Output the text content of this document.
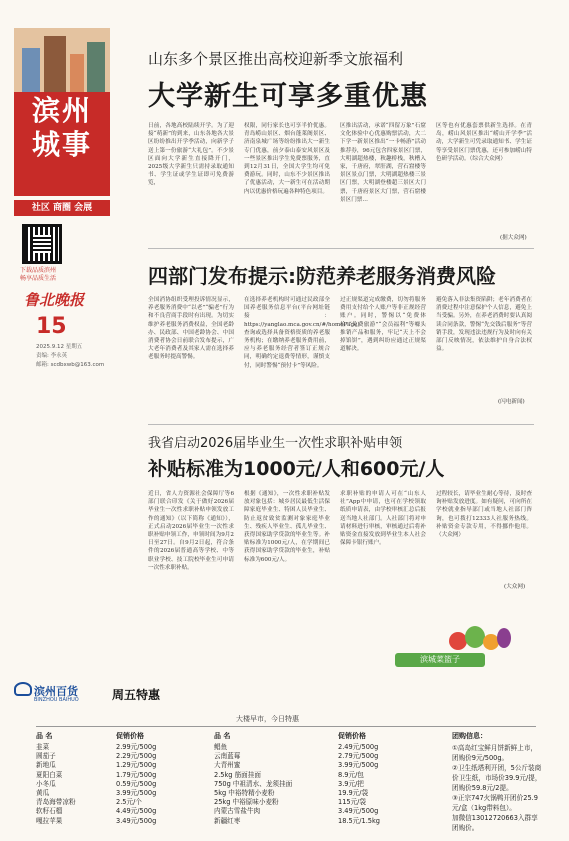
滨州
城事
社区 商圈 会展
下载品质滨州
畅享品质生活
鲁北晚报
15
2025.9.12 星期五
责编: 李永英
邮箱: scdbxwb@163.com
山东多个景区推出高校迎新季文旅福利
大学新生可享多重优惠
日前，各地高校陆续开学。为了迎接“萌新”的到来，山东各地各大景区纷纷推出开学季活动，向新学子送上第一份旅游“大礼包”。不少景区面向大学新生直接降开门，2025级大学新生只需持录取通知书、学生证或学生证即可免费游览，
权限，同行家长也可享半价优惠。青岛崂山景区、烟台蓬莱阁景区、济南泉城广场等纷纷推出大一新生专门优惠，前夕泰山泰安风景区及一些景区推出学生免费票服务，直到12月31日，全国大学生均可免费游玩。同时，山东不少景区推出了优惠活动，大一新生可在活动期内以优惠价格玩遍各种特色项目。
区推出活动，承诺“四留万象”石窟文化体验中心优惠购票活动，大二下学一新景区推出“一卡畅游”活动推荐券，96元包含四家景区门票，大明湖超热楼，秋趣桥栈，秋槽入家，千唐府，翠肝湖，营石窟楼等景区景点门票，大明湖超热楼三景区门票，大明湖登楼超三景区大门票，千唐府景区大门票，营石窟楼景区门票…
区等也有优惠套票供新生选择。在青岛，崂山风景区推出“崂山开学季”活动，大学新生可凭录取通知书、学生证等享受景区门票优惠，还可参加崂山特色研学活动。（综合大众网）
(据大众网)
四部门发布提示:防范养老服务消费风险
全国消协组织受理投诉情况显示，养老服务消费中“以老”“骗老”行为和不良营商手段时有出现。为切实维护养老服务消费权益，全国老龄办、民政部、中国老龄协会、中国消费者协会日前联合发布提示，广大老年消费者及其家人需在选择养老服务时提高警惕。
在选择养老机构时可通过民政部全国养老服务信息平台(平台网址链接：https://yanglao.mca.gov.cn/#/homePage)查询或选择具备资格资质的养老服务机构；在缴纳养老服务费用前，应与养老服务经营者签订正规合同，明确约定退费等情形，谨慎支付，同时警惕“预付卡”等风险。
过正规渠道完成缴费，切勿将服务费用支付给个人账户等非正规经营账户。同时，警惕以“免费体检”“免费旅游”“会员福利”等噱头推销产品和服务，牢记“天上不会掉馅饼”，遇到纠纷应通过正规渠道解决。
避免落入非法集资陷阱；老年消费者在消费过程中注意保护个人信息，避免上当受骗。另外，在养老消费时要认真阅读合同条款，警惕“先交钱后服务”等营销手段，发现违法违规行为及时向有关部门反映情况，依法维护自身合法权益。
(闪电新闻)
我省启动2026届毕业生一次性求职补贴申领
补贴标准为1000元/人和600元/人
近日，省人力资源社会保障厅等6部门联合印发《关于做好2026届毕业生一次性求职补贴申领发放工作的通知》（以下简称《通知》），正式启动2026届毕业生一次性求职补贴申领工作，申领时间为9月2日至27日。自9月2日起，符合条件的2026届普通高等学校、中等职业学校、技工院校毕业生可申请一次性求职补贴。
根据《通知》，一次性求职补贴发放对象包括：城乡居民最低生活保障家庭毕业生、特困人员毕业生、防止返贫致贫监测对象家庭毕业生、残疾人毕业生、孤儿毕业生、获得国家助学贷款的毕业生等。补贴标准为1000元/人，在学期间已获得国家助学贷款的毕业生，补贴标准为600元/人。
求职补贴的申请人可在“山东人社”App中申请，也可在学校领取纸质申请表，由学校审核汇总后报送当地人社部门。人社部门将对申请材料进行审核，审核通过后将补贴资金直接发放到毕业生本人社会保障卡银行账户。
过程较长，请毕业生耐心等待，及时查询补贴发放进度。如有疑问，可向所在学校就业指导部门或当地人社部门咨询，也可拨打12333人社服务热线。补贴资金专款专用，不得挪作他用。（大众网）
(大众网)
滨城菜篮子
滨州百货
BINZHOU BAIHUO	周五特惠
大楼早市，今日特惠
品 名	促销价格
韭菜	2.99元/500g
圆茄子	2.29元/500g
新地瓜	1.29元/500g
夏阳白菜	1.79元/500g
小冬瓜	0.59元/500g
黄瓜	3.99元/500g
青岛海带凉粉	2.5元/个
软籽石榴	4.49元/500g
嘎拉苹果	3.49元/500g
品 名	促销价格
鲳鱼	2.49元/500g
云南蓝莓	2.79元/500g
大青州蜜	3.99元/500g
2.5kg 筋面挂面	8.9元/包
750g 中祖清水、龙须挂面	3.9元/把
5kg 中裕特精小麦粉	19.9元/袋
25kg 中裕原味小麦粉	115元/袋
内蒙古雪盐牛肉	3.49元/500g
新疆红枣	18.5元/1.5kg
团购信息：
①高岛红宝鲜月饼新鲜上市，团购价9元/500g。
②卫生纸塔利开团，5公斤装商价卫生纸，市场价39.9元/提，团购价59.8元/2提。
③正宗747火锅鸭开团价25.9元/盒（1kg带料包）。
加微信13012720663入群享团购价。
